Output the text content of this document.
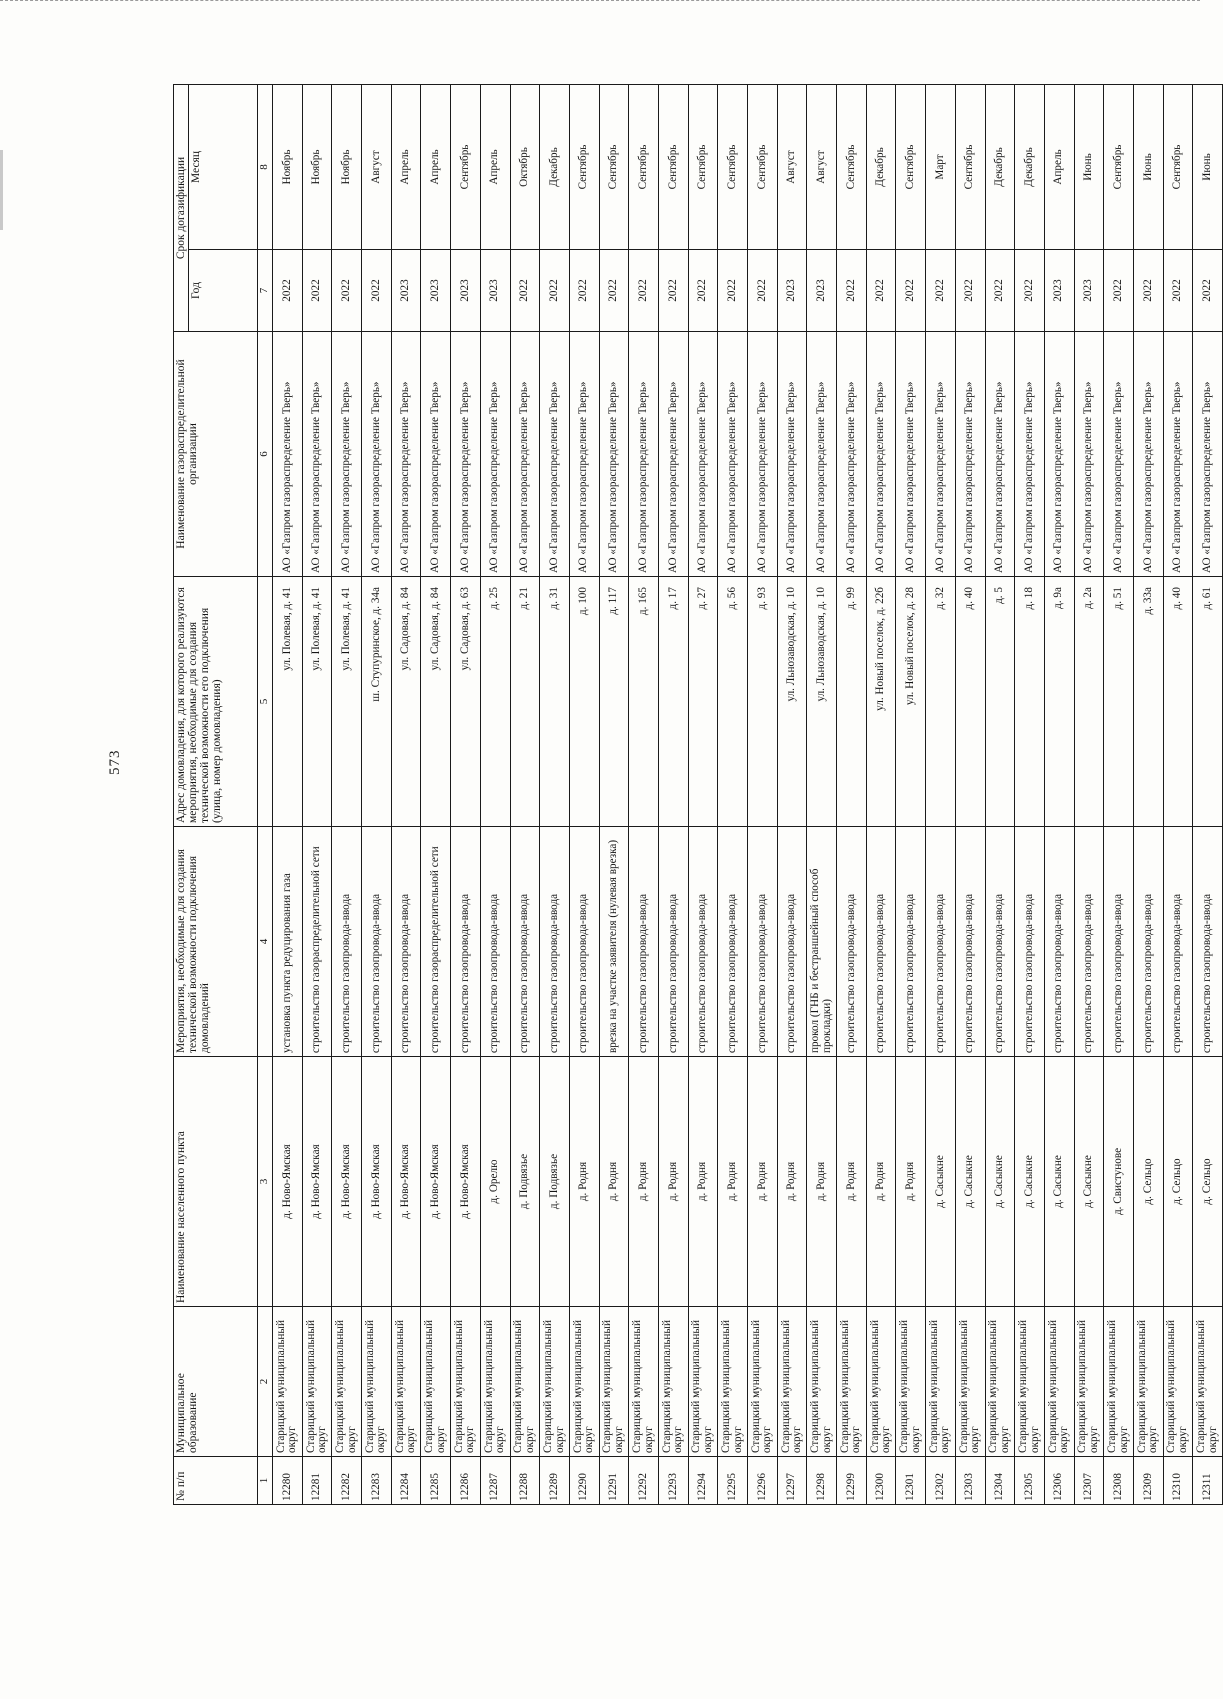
573
№ п/п	Муниципальное образование	Наименование населенного пункта	Мероприятия, необходимые для создания технической возможности подключения домовладений	Адрес домовладения, для которого реализуются мероприятия, необходимые для создания технической возможности его подключения (улица, номер домовладения)	Наименование газораспределительной организации	Срок догазификации	
						Год	Месяц
1	2	3	4	5	6	7	8
12280	Старицкий муниципальный округ	д. Ново-Ямская	установка пункта редуцирования газа	ул. Полевая, д. 41	АО «Газпром газораспределение Тверь»	2022	Ноябрь
12281	Старицкий муниципальный округ	д. Ново-Ямская	строительство газораспределительной сети	ул. Полевая, д. 41	АО «Газпром газораспределение Тверь»	2022	Ноябрь
12282	Старицкий муниципальный округ	д. Ново-Ямская	строительство газопровода-ввода	ул. Полевая, д. 41	АО «Газпром газораспределение Тверь»	2022	Ноябрь
12283	Старицкий муниципальный округ	д. Ново-Ямская	строительство газопровода-ввода	ш. Ступуринское, д. 34а	АО «Газпром газораспределение Тверь»	2022	Август
12284	Старицкий муниципальный округ	д. Ново-Ямская	строительство газопровода-ввода	ул. Садовая, д. 84	АО «Газпром газораспределение Тверь»	2023	Апрель
12285	Старицкий муниципальный округ	д. Ново-Ямская	строительство газораспределительной сети	ул. Садовая, д. 84	АО «Газпром газораспределение Тверь»	2023	Апрель
12286	Старицкий муниципальный округ	д. Ново-Ямская	строительство газопровода-ввода	ул. Садовая, д. 63	АО «Газпром газораспределение Тверь»	2023	Сентябрь
12287	Старицкий муниципальный округ	д. Орелю	строительство газопровода-ввода	д. 25	АО «Газпром газораспределение Тверь»	2023	Апрель
12288	Старицкий муниципальный округ	д. Подвязье	строительство газопровода-ввода	д. 21	АО «Газпром газораспределение Тверь»	2022	Октябрь
12289	Старицкий муниципальный округ	д. Подвязье	строительство газопровода-ввода	д. 31	АО «Газпром газораспределение Тверь»	2022	Декабрь
12290	Старицкий муниципальный округ	д. Родня	строительство газопровода-ввода	д. 100	АО «Газпром газораспределение Тверь»	2022	Сентябрь
12291	Старицкий муниципальный округ	д. Родня	врезка на участке заявителя (нулевая врезка)	д. 117	АО «Газпром газораспределение Тверь»	2022	Сентябрь
12292	Старицкий муниципальный округ	д. Родня	строительство газопровода-ввода	д. 165	АО «Газпром газораспределение Тверь»	2022	Сентябрь
12293	Старицкий муниципальный округ	д. Родня	строительство газопровода-ввода	д. 17	АО «Газпром газораспределение Тверь»	2022	Сентябрь
12294	Старицкий муниципальный округ	д. Родня	строительство газопровода-ввода	д. 27	АО «Газпром газораспределение Тверь»	2022	Сентябрь
12295	Старицкий муниципальный округ	д. Родня	строительство газопровода-ввода	д. 56	АО «Газпром газораспределение Тверь»	2022	Сентябрь
12296	Старицкий муниципальный округ	д. Родня	строительство газопровода-ввода	д. 93	АО «Газпром газораспределение Тверь»	2022	Сентябрь
12297	Старицкий муниципальный округ	д. Родня	строительство газопровода-ввода	ул. Льнозаводская, д. 10	АО «Газпром газораспределение Тверь»	2023	Август
12298	Старицкий муниципальный округ	д. Родня	прокол (ГНБ и бестраншейный способ прокладки)	ул. Льнозаводская, д. 10	АО «Газпром газораспределение Тверь»	2023	Август
12299	Старицкий муниципальный округ	д. Родня	строительство газопровода-ввода	д. 99	АО «Газпром газораспределение Тверь»	2022	Сентябрь
12300	Старицкий муниципальный округ	д. Родня	строительство газопровода-ввода	ул. Новый поселок, д. 22б	АО «Газпром газораспределение Тверь»	2022	Декабрь
12301	Старицкий муниципальный округ	д. Родня	строительство газопровода-ввода	ул. Новый поселок, д. 28	АО «Газпром газораспределение Тверь»	2022	Сентябрь
12302	Старицкий муниципальный округ	д. Сасыкне	строительство газопровода-ввода	д. 32	АО «Газпром газораспределение Тверь»	2022	Март
12303	Старицкий муниципальный округ	д. Сасыкне	строительство газопровода-ввода	д. 40	АО «Газпром газораспределение Тверь»	2022	Сентябрь
12304	Старицкий муниципальный округ	д. Сасыкне	строительство газопровода-ввода	д. 5	АО «Газпром газораспределение Тверь»	2022	Декабрь
12305	Старицкий муниципальный округ	д. Сасыкне	строительство газопровода-ввода	д. 18	АО «Газпром газораспределение Тверь»	2022	Декабрь
12306	Старицкий муниципальный округ	д. Сасыкне	строительство газопровода-ввода	д. 9а	АО «Газпром газораспределение Тверь»	2023	Апрель
12307	Старицкий муниципальный округ	д. Сасыкне	строительство газопровода-ввода	д. 2а	АО «Газпром газораспределение Тверь»	2023	Июнь
12308	Старицкий муниципальный округ	д. Свистунове	строительство газопровода-ввода	д. 51	АО «Газпром газораспределение Тверь»	2022	Сентябрь
12309	Старицкий муниципальный округ	д. Сельцо	строительство газопровода-ввода	д. 33а	АО «Газпром газораспределение Тверь»	2022	Июнь
12310	Старицкий муниципальный округ	д. Сельцо	строительство газопровода-ввода	д. 40	АО «Газпром газораспределение Тверь»	2022	Сентябрь
12311	Старицкий муниципальный округ	д. Сельцо	строительство газопровода-ввода	д. 61	АО «Газпром газораспределение Тверь»	2022	Июнь
